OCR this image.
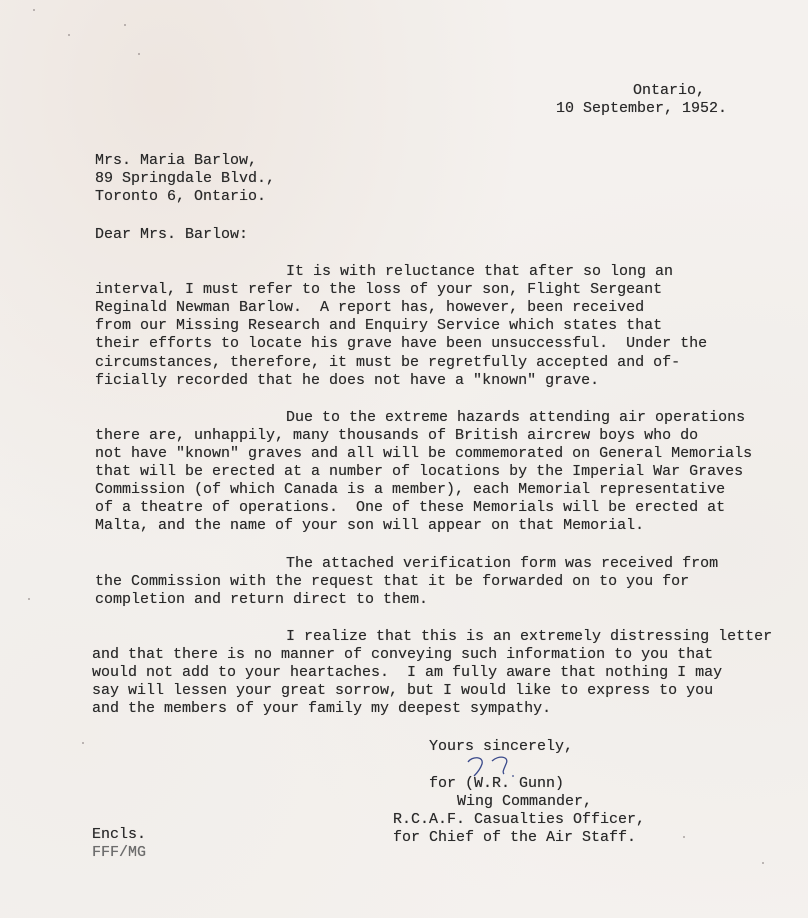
Ontario,
10 September, 1952.
Mrs. Maria Barlow,
89 Springdale Blvd.,
Toronto 6, Ontario.
Dear Mrs. Barlow:
It is with reluctance that after so long an
interval, I must refer to the loss of your son, Flight Sergeant
Reginald Newman Barlow.  A report has, however, been received
from our Missing Research and Enquiry Service which states that
their efforts to locate his grave have been unsuccessful.  Under the
circumstances, therefore, it must be regretfully accepted and of-
ficially recorded that he does not have a "known" grave.
Due to the extreme hazards attending air operations
there are, unhappily, many thousands of British aircrew boys who do
not have "known" graves and all will be commemorated on General Memorials
that will be erected at a number of locations by the Imperial War Graves
Commission (of which Canada is a member), each Memorial representative
of a theatre of operations.  One of these Memorials will be erected at
Malta, and the name of your son will appear on that Memorial.
The attached verification form was received from
the Commission with the request that it be forwarded on to you for
completion and return direct to them.
I realize that this is an extremely distressing letter
and that there is no manner of conveying such information to you that
would not add to your heartaches.  I am fully aware that nothing I may
say will lessen your great sorrow, but I would like to express to you
and the members of your family my deepest sympathy.
Yours sincerely,
for (W.R. Gunn)
Wing Commander,
R.C.A.F. Casualties Officer,
for Chief of the Air Staff.
Encls.
FFF/MG
